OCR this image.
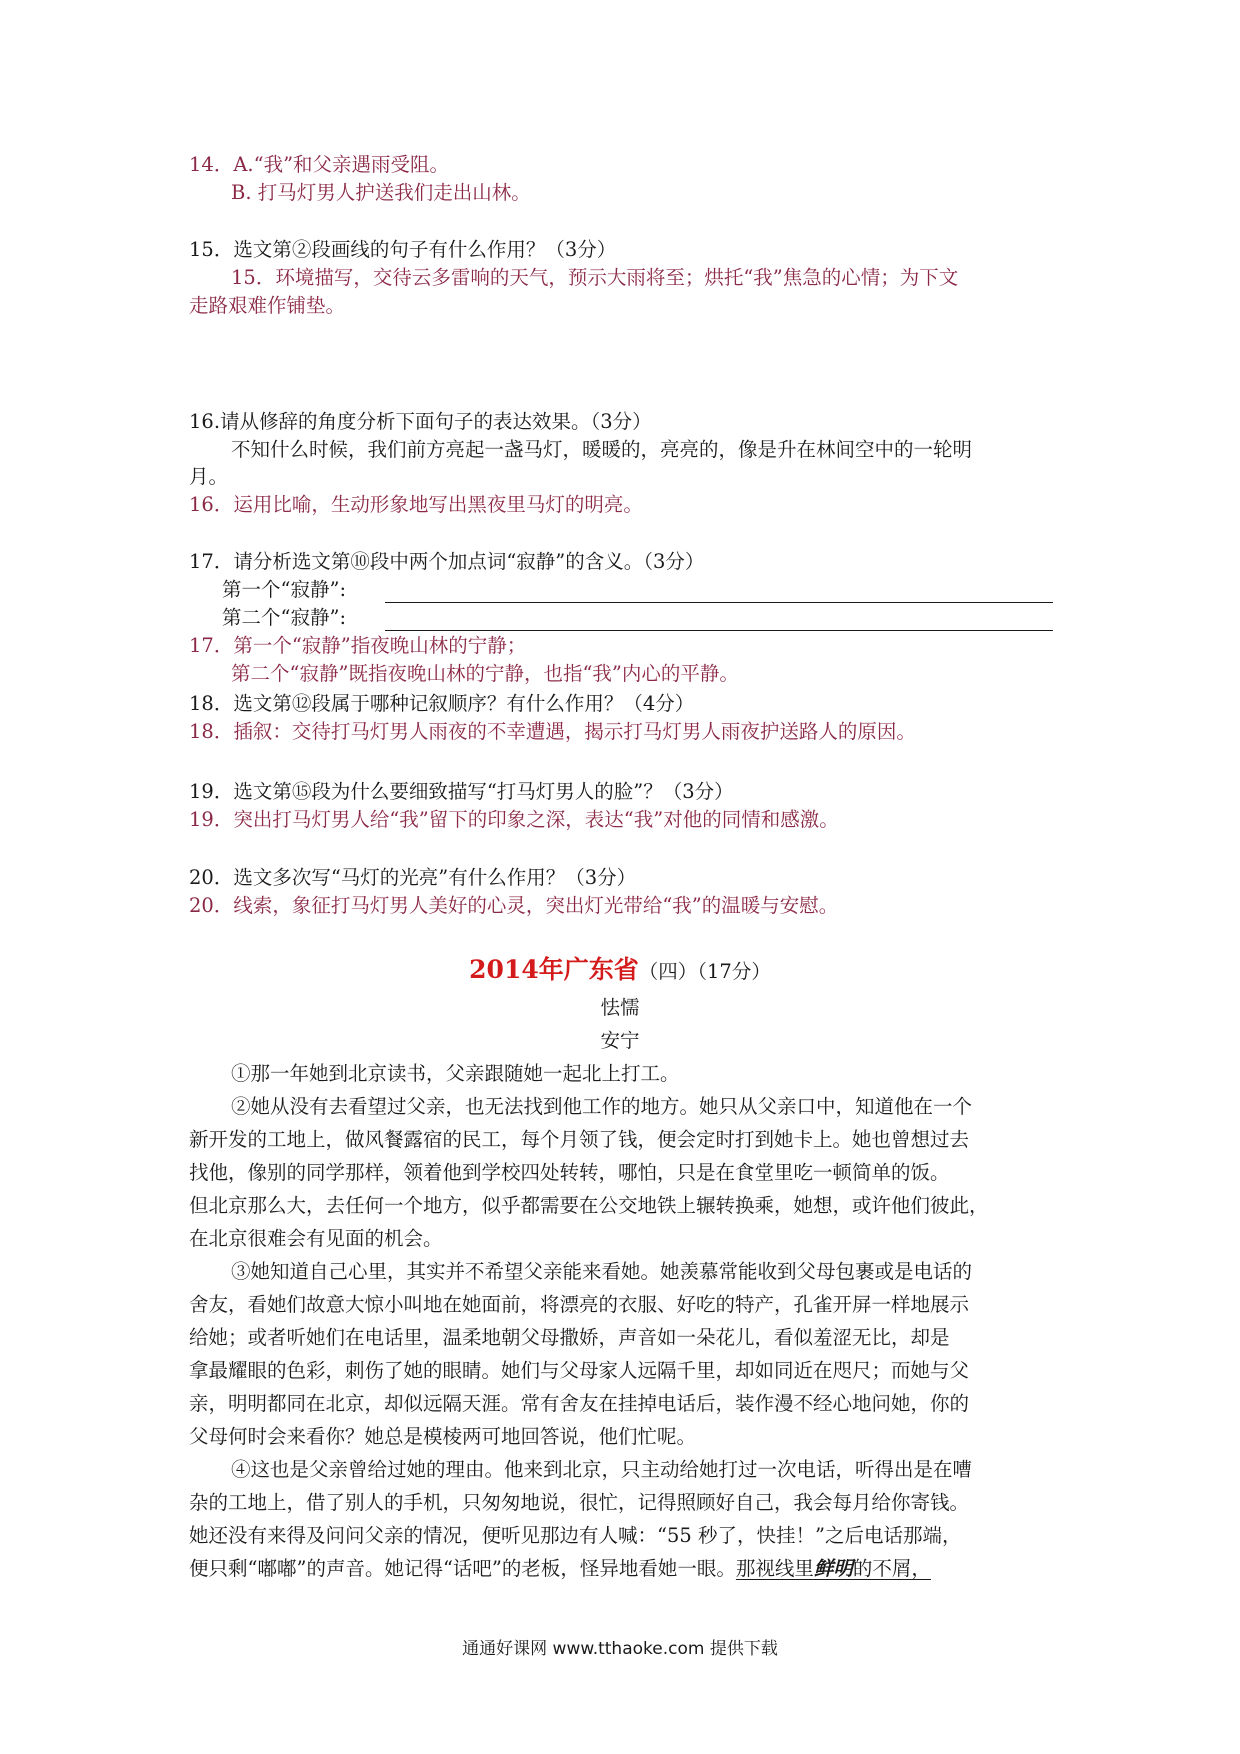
14．A.“我”和父亲遇雨受阻。
B. 打马灯男人护送我们走出山林。
15．选文第②段画线的句子有什么作用？（3分）
15．环境描写，交待云多雷响的天气，预示大雨将至；烘托“我”焦急的心情；为下文
走路艰难作铺垫。
16.请从修辞的角度分析下面句子的表达效果。（3分）
不知什么时候，我们前方亮起一盏马灯，暖暖的，亮亮的，像是升在林间空中的一轮明
月。
16．运用比喻，生动形象地写出黑夜里马灯的明亮。
17．请分析选文第⑩段中两个加点词“寂静”的含义。（3分）
第一个“寂静”:
第二个“寂静”:
17．第一个“寂静”指夜晚山林的宁静；
第二个“寂静”既指夜晚山林的宁静，也指“我”内心的平静。
18．选文第⑫段属于哪种记叙顺序？有什么作用？（4分）
18．插叙：交待打马灯男人雨夜的不幸遭遇，揭示打马灯男人雨夜护送路人的原因。
19．选文第⑮段为什么要细致描写“打马灯男人的脸”？（3分）
19．突出打马灯男人给“我”留下的印象之深，表达“我”对他的同情和感激。
20．选文多次写“马灯的光亮”有什么作用？（3分）
20．线索，象征打马灯男人美好的心灵，突出灯光带给“我”的温暖与安慰。
2014年广东省（四）（17分）
怯懦
安宁
①那一年她到北京读书，父亲跟随她一起北上打工。
②她从没有去看望过父亲，也无法找到他工作的地方。她只从父亲口中，知道他在一个
新开发的工地上，做风餐露宿的民工，每个月领了钱，便会定时打到她卡上。她也曾想过去
找他，像别的同学那样，领着他到学校四处转转，哪怕，只是在食堂里吃一顿简单的饭。
但北京那么大，去任何一个地方，似乎都需要在公交地铁上辗转换乘，她想，或许他们彼此，
在北京很难会有见面的机会。
③她知道自己心里，其实并不希望父亲能来看她。她羡慕常能收到父母包裹或是电话的
舍友，看她们故意大惊小叫地在她面前，将漂亮的衣服、好吃的特产，孔雀开屏一样地展示
给她；或者听她们在电话里，温柔地朝父母撒娇，声音如一朵花儿，看似羞涩无比，却是
拿最耀眼的色彩，刺伤了她的眼睛。她们与父母家人远隔千里，却如同近在咫尺；而她与父
亲，明明都同在北京，却似远隔天涯。常有舍友在挂掉电话后，装作漫不经心地问她，你的
父母何时会来看你？她总是模棱两可地回答说，他们忙呢。
④这也是父亲曾给过她的理由。他来到北京，只主动给她打过一次电话，听得出是在嘈
杂的工地上，借了别人的手机，只匆匆地说，很忙，记得照顾好自己，我会每月给你寄钱。
她还没有来得及问问父亲的情况，便听见那边有人喊：“55 秒了，快挂！”之后电话那端，
便只剩“嘟嘟”的声音。她记得“话吧”的老板，怪异地看她一眼。那视线里鲜明的不屑，
通通好课网 www.tthaoke.com 提供下载
